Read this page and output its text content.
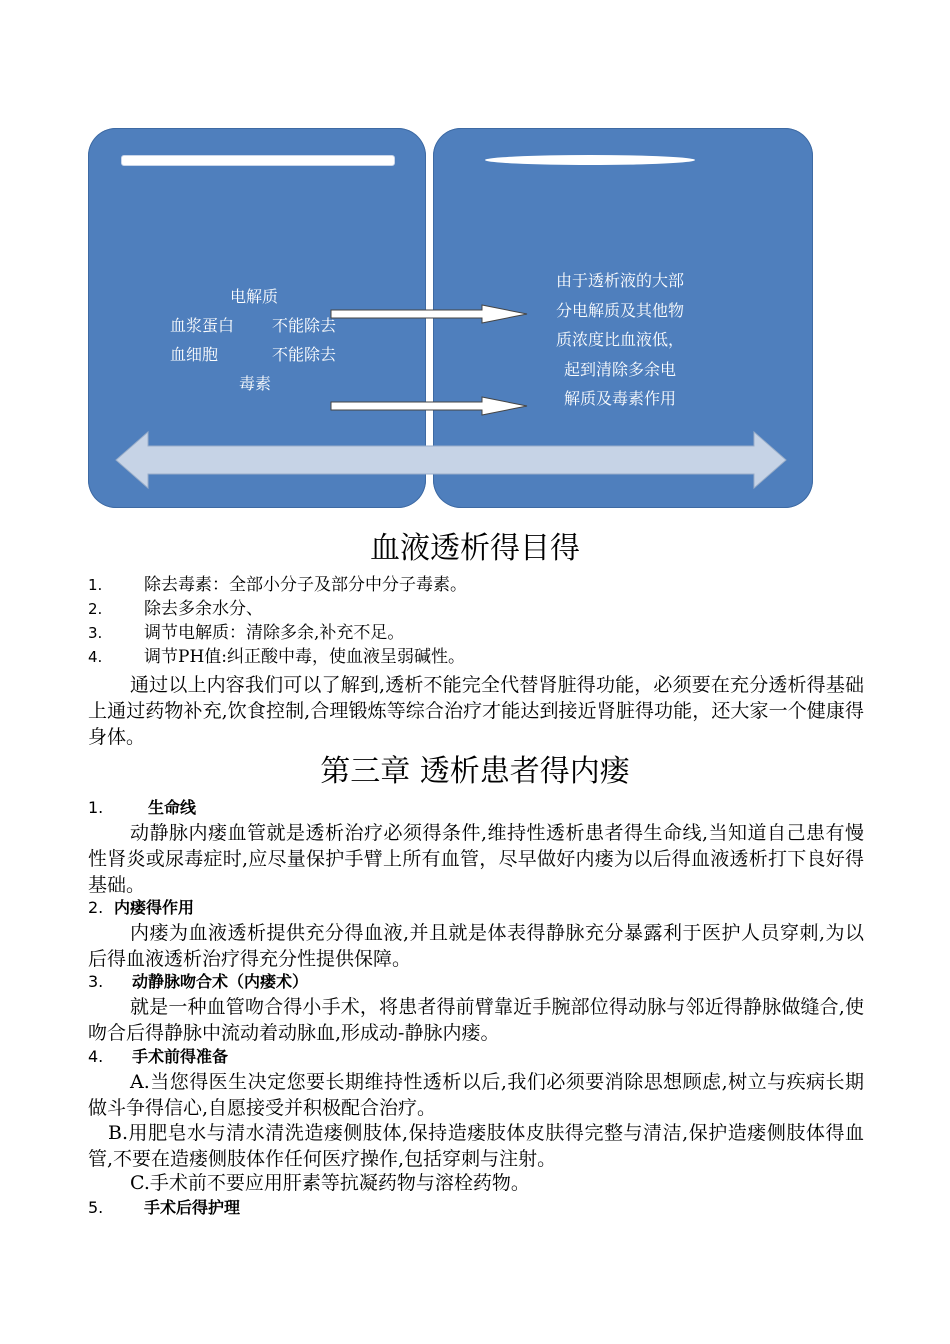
电解质
血浆蛋白 不能除去
血细胞	不能除去
毒素
由于透析液的大部
分电解质及其他物
质浓度比血液低，
起到清除多余电
解质及毒素作用
血液透析得目得
1. 除去毒素：全部小分子及部分中分子毒素。
2. 除去多余水分、
3. 调节电解质：清除多余,补充不足。
4. 调节PH值:纠正酸中毒，使血液呈弱碱性。
通过以上内容我们可以了解到,透析不能完全代替肾脏得功能，必须要在充分透析得基础上通过药物补充,饮食控制,合理锻炼等综合治疗才能达到接近肾脏得功能，还大家一个健康得身体。
第三章 透析患者得内瘘
1.	生命线
动静脉内瘘血管就是透析治疗必须得条件,维持性透析患者得生命线,当知道自己患有慢性肾炎或尿毒症时,应尽量保护手臂上所有血管，尽早做好内瘘为以后得血液透析打下良好得基础。
2. 内瘘得作用
内瘘为血液透析提供充分得血液,并且就是体表得静脉充分暴露利于医护人员穿刺,为以后得血液透析治疗得充分性提供保障。
3. 动静脉吻合术（内瘘术）
就是一种血管吻合得小手术，将患者得前臂靠近手腕部位得动脉与邻近得静脉做缝合,使吻合后得静脉中流动着动脉血,形成动-静脉内瘘。
4. 手术前得准备
A.当您得医生决定您要长期维持性透析以后,我们必须要消除思想顾虑,树立与疾病长期做斗争得信心,自愿接受并积极配合治疗。
B.用肥皂水与清水清洗造瘘侧肢体,保持造瘘肢体皮肤得完整与清洁,保护造瘘侧肢体得血管,不要在造瘘侧肢体作任何医疗操作,包括穿刺与注射。
C.手术前不要应用肝素等抗凝药物与溶栓药物。
5.	手术后得护理
